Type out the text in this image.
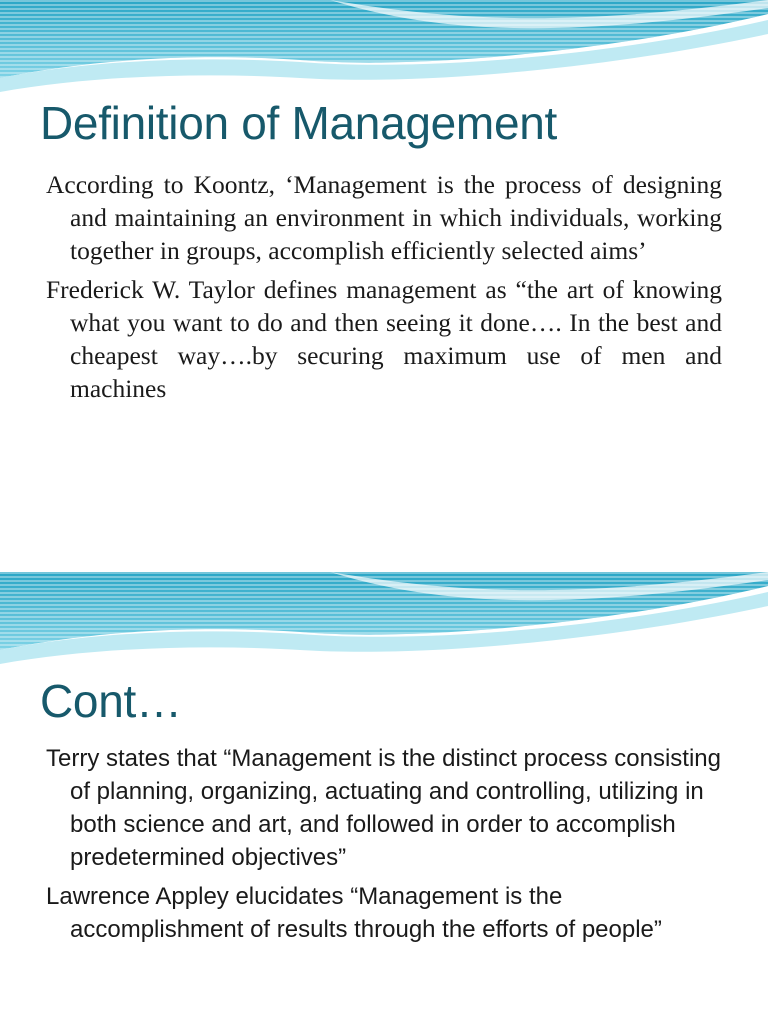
Definition of Management

According to Koontz, ‘Management is the process of designing and maintaining an environment in which individuals, working together in groups, accomplish efficiently selected aims’

Frederick W. Taylor defines management as “the art of knowing what you want to do and then seeing it done…. In the best and cheapest way….by securing maximum use of men and machines

Cont…

Terry states that “Management is the distinct process consisting of planning, organizing, actuating and controlling, utilizing in both science and art, and followed in order to accomplish predetermined objectives”

Lawrence Appley elucidates “Management is the accomplishment of results through the efforts of people”
